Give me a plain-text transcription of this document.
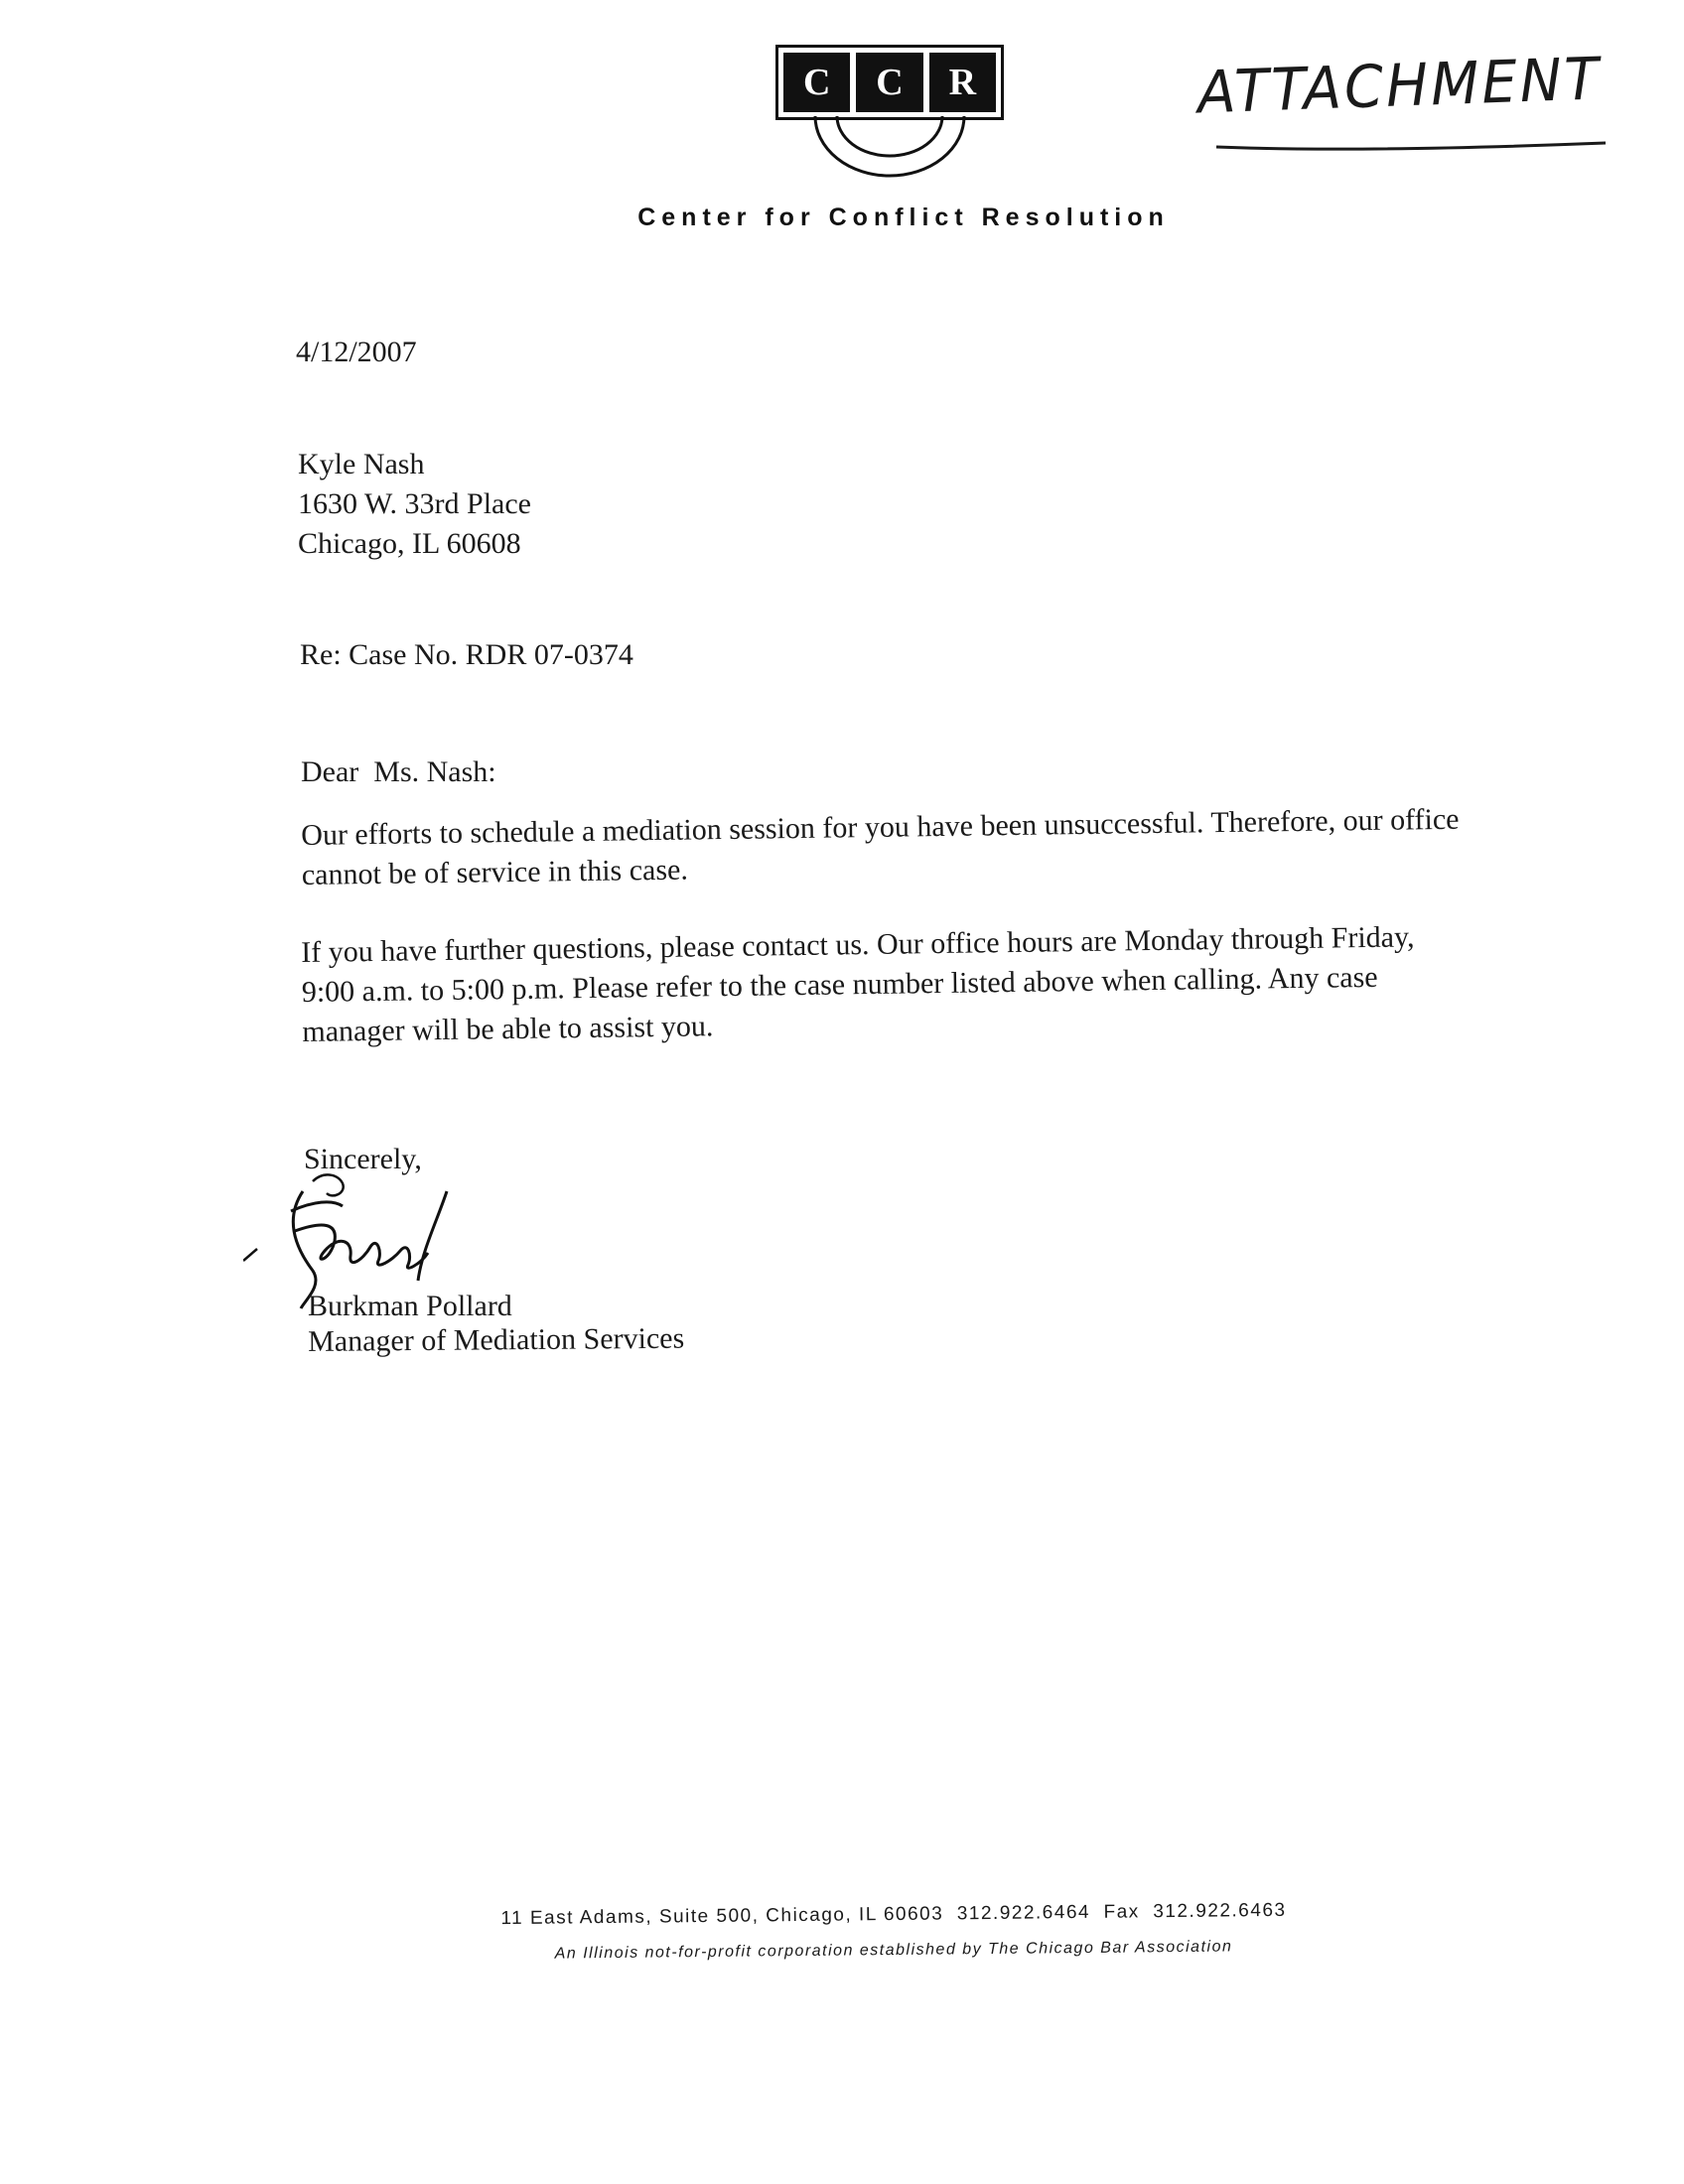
C	C	R
Center for Conflict Resolution
ATTACHMENT
4/12/2007
Kyle Nash
1630 W. 33rd Place
Chicago, IL 60608
Re: Case No. RDR 07-0374
Dear  Ms. Nash:
Our efforts to schedule a mediation session for you have been unsuccessful. Therefore, our office cannot be of service in this case.
If you have further questions, please contact us. Our office hours are Monday through Friday, 9:00 a.m. to 5:00 p.m. Please refer to the case number listed above when calling. Any case manager will be able to assist you.
Sincerely,
Burkman Pollard
Manager of Mediation Services
11 East Adams, Suite 500, Chicago, IL 60603  312.922.6464  Fax  312.922.6463
An Illinois not-for-profit corporation established by The Chicago Bar Association
